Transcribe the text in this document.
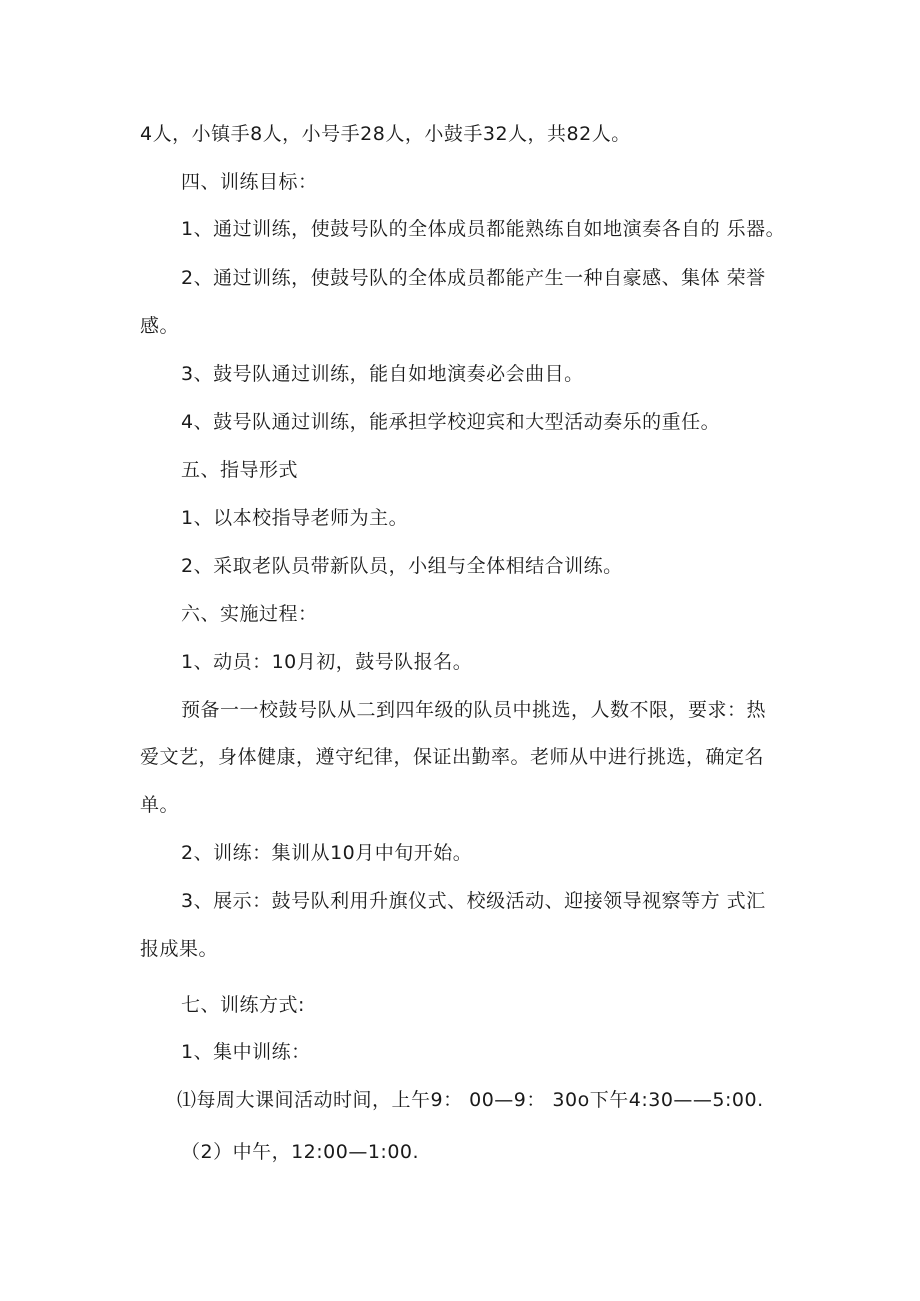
4人，小镇手8人，小号手28人，小鼓手32人，共82人。
四、训练目标：
1、通过训练，使鼓号队的全体成员都能熟练自如地演奏各自的 乐器。
2、通过训练，使鼓号队的全体成员都能产生一种自豪感、集体 荣誉
感。
3、鼓号队通过训练，能自如地演奏必会曲目。
4、鼓号队通过训练，能承担学校迎宾和大型活动奏乐的重任。
五、指导形式
1、以本校指导老师为主。
2、采取老队员带新队员，小组与全体相结合训练。
六、实施过程：
1、动员：10月初，鼓号队报名。
预备一一校鼓号队从二到四年级的队员中挑选，人数不限，要求：热
爱文艺，身体健康，遵守纪律，保证出勤率。老师从中进行挑选，确定名
单。
2、训练：集训从10月中旬开始。
3、展示：鼓号队利用升旗仪式、校级活动、迎接领导视察等方 式汇
报成果。
七、训练方式:
1、集中训练：
⑴每周大课间活动时间，上午9： 00—9： 30o下午4:30——5:00.
（2）中午，12:00—1:00.
